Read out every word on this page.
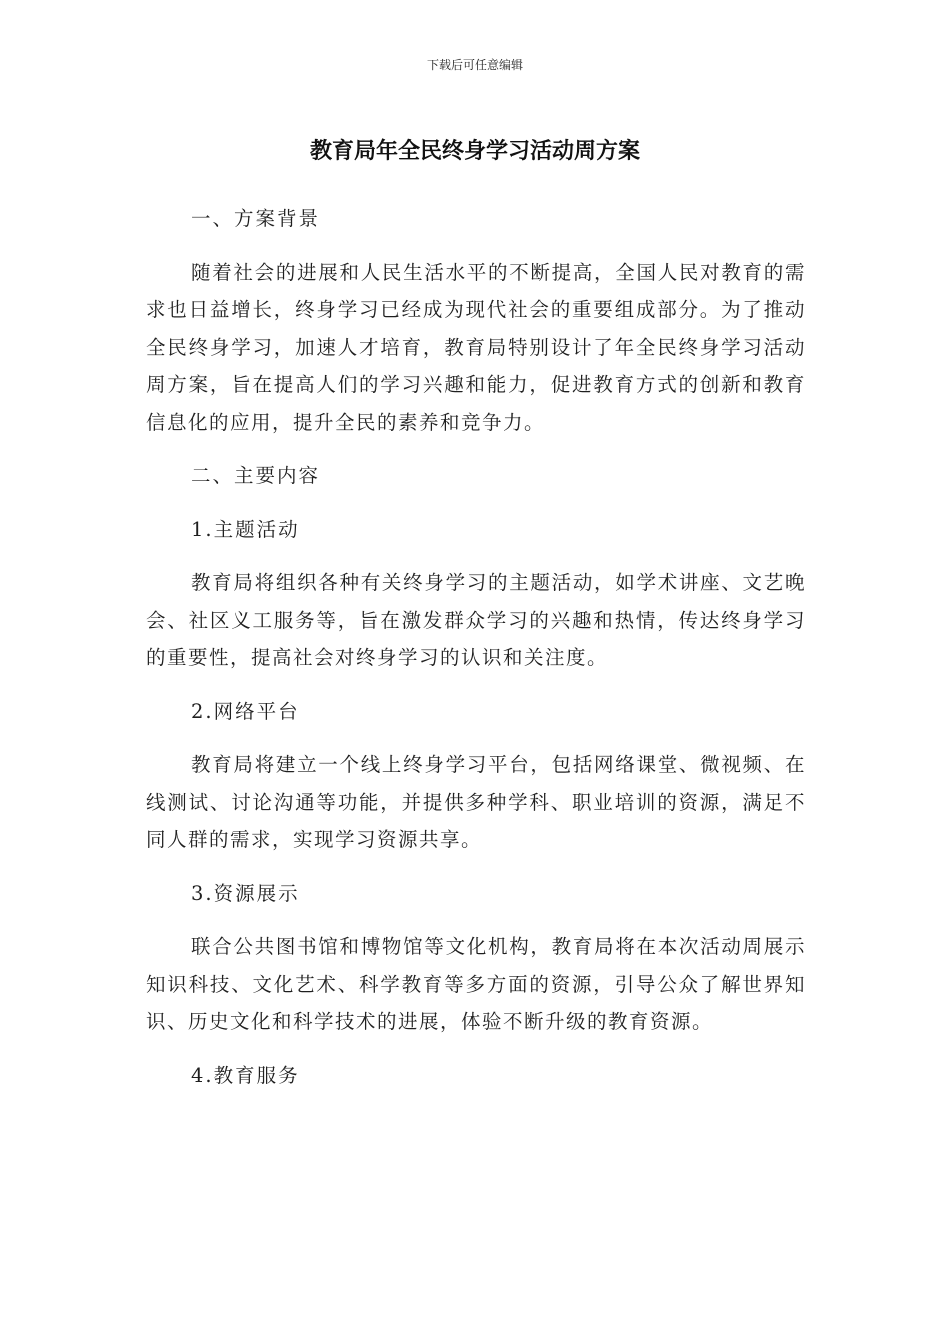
下载后可任意编辑
教育局年全民终身学习活动周方案

一、方案背景

随着社会的进展和人民生活水平的不断提高，全国人民对教育的需求也日益增长，终身学习已经成为现代社会的重要组成部分。为了推动全民终身学习，加速人才培育，教育局特别设计了年全民终身学习活动周方案，旨在提高人们的学习兴趣和能力，促进教育方式的创新和教育信息化的应用，提升全民的素养和竞争力。

二、主要内容

1.主题活动

教育局将组织各种有关终身学习的主题活动，如学术讲座、文艺晚会、社区义工服务等，旨在激发群众学习的兴趣和热情，传达终身学习的重要性，提高社会对终身学习的认识和关注度。

2.网络平台

教育局将建立一个线上终身学习平台，包括网络课堂、微视频、在线测试、讨论沟通等功能，并提供多种学科、职业培训的资源，满足不同人群的需求，实现学习资源共享。

3.资源展示

联合公共图书馆和博物馆等文化机构，教育局将在本次活动周展示知识科技、文化艺术、科学教育等多方面的资源，引导公众了解世界知识、历史文化和科学技术的进展，体验不断升级的教育资源。

4.教育服务
